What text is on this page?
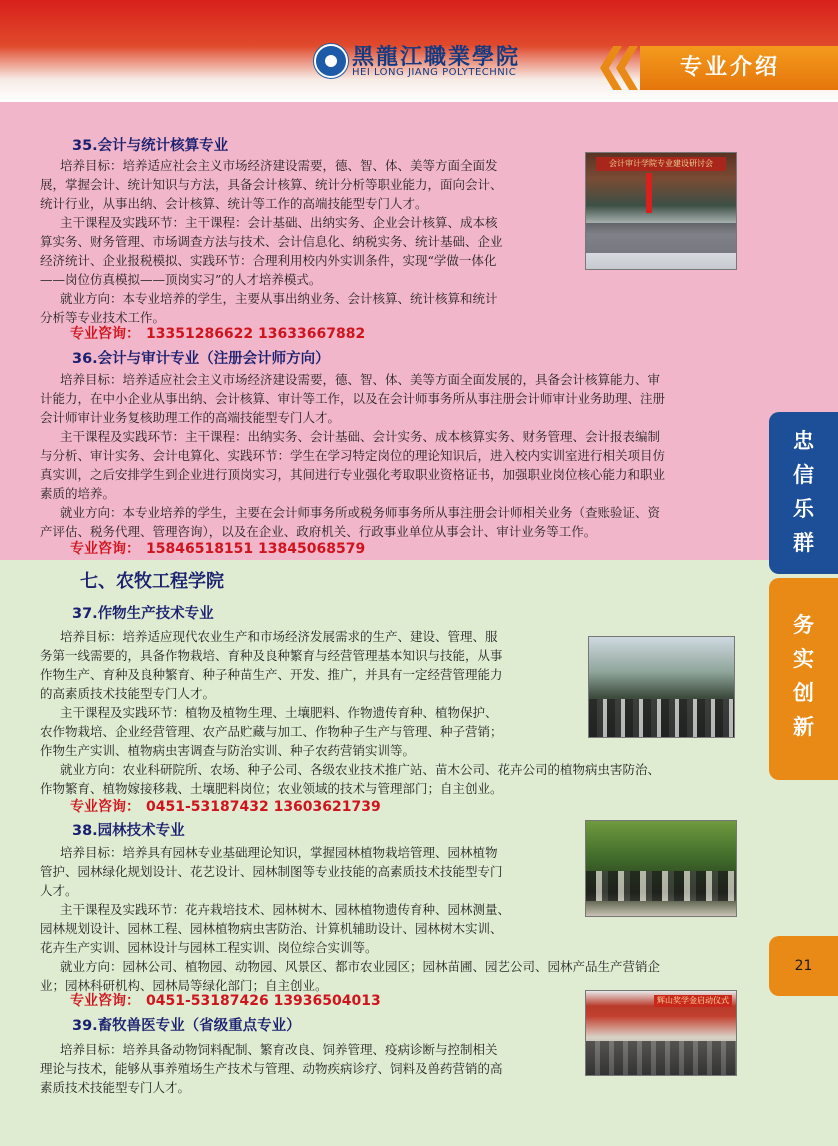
黑龍江職業學院
HEI LONG JIANG POLYTECHNIC	专业介绍
会计审计学院专业建设研讨会
辉山奖学金启动仪式
35.会计与统计核算专业
培养目标：培养适应社会主义市场经济建设需要，德、智、体、美等方面全面发
展，掌握会计、统计知识与方法，具备会计核算、统计分析等职业能力，面向会计、
统计行业，从事出纳、会计核算、统计等工作的高端技能型专门人才。
主干课程及实践环节：主干课程：会计基础、出纳实务、企业会计核算、成本核
算实务、财务管理、市场调查方法与技术、会计信息化、纳税实务、统计基础、企业
经济统计、企业报税模拟、实践环节：合理利用校内外实训条件，实现“学做一体化
——岗位仿真模拟——顶岗实习”的人才培养模式。
就业方向：本专业培养的学生，主要从事出纳业务、会计核算、统计核算和统计
分析等专业技术工作。
专业咨询： 13351286622 13633667882
36.会计与审计专业（注册会计师方向）
培养目标：培养适应社会主义市场经济建设需要，德、智、体、美等方面全面发展的，具备会计核算能力、审
计能力，在中小企业从事出纳、会计核算、审计等工作，以及在会计师事务所从事注册会计师审计业务助理、注册
会计师审计业务复核助理工作的高端技能型专门人才。
主干课程及实践环节：主干课程：出纳实务、会计基础、会计实务、成本核算实务、财务管理、会计报表编制
与分析、审计实务、会计电算化、实践环节：学生在学习特定岗位的理论知识后，进入校内实训室进行相关项目仿
真实训，之后安排学生到企业进行顶岗实习，其间进行专业强化考取职业资格证书，加强职业岗位核心能力和职业
素质的培养。
就业方向：本专业培养的学生，主要在会计师事务所或税务师事务所从事注册会计师相关业务（查账验证、资
产评估、税务代理、管理咨询），以及在企业、政府机关、行政事业单位从事会计、审计业务等工作。
专业咨询： 15846518151 13845068579
七、农牧工程学院
37.作物生产技术专业
培养目标：培养适应现代农业生产和市场经济发展需求的生产、建设、管理、服
务第一线需要的，具备作物栽培、育种及良种繁育与经营管理基本知识与技能，从事
作物生产、育种及良种繁育、种子种苗生产、开发、推广，并具有一定经营管理能力
的高素质技术技能型专门人才。
主干课程及实践环节：植物及植物生理、土壤肥料、作物遗传育种、植物保护、
农作物栽培、企业经营管理、农产品贮藏与加工、作物种子生产与管理、种子营销；
作物生产实训、植物病虫害调查与防治实训、种子农药营销实训等。
就业方向：农业科研院所、农场、种子公司、各级农业技术推广站、苗木公司、花卉公司的植物病虫害防治、
作物繁育、植物嫁接移栽、土壤肥料岗位；农业领域的技术与管理部门；自主创业。
专业咨询： 0451-53187432 13603621739
38.园林技术专业
培养目标：培养具有园林专业基础理论知识，掌握园林植物栽培管理、园林植物
管护、园林绿化规划设计、花艺设计、园林制图等专业技能的高素质技术技能型专门
人才。
主干课程及实践环节：花卉栽培技术、园林树木、园林植物遗传育种、园林测量、
园林规划设计、园林工程、园林植物病虫害防治、计算机辅助设计、园林树木实训、
花卉生产实训、园林设计与园林工程实训、岗位综合实训等。
就业方向：园林公司、植物园、动物园、风景区、都市农业园区；园林苗圃、园艺公司、园林产品生产营销企
业；园林科研机构、园林局等绿化部门；自主创业。
专业咨询： 0451-53187426 13936504013
39.畜牧兽医专业（省级重点专业）
培养目标：培养具备动物饲料配制、繁育改良、饲养管理、疫病诊断与控制相关
理论与技术，能够从事养殖场生产技术与管理、动物疾病诊疗、饲料及兽药营销的高
素质技术技能型专门人才。
忠
信
乐
群
务
实
创
新
21
